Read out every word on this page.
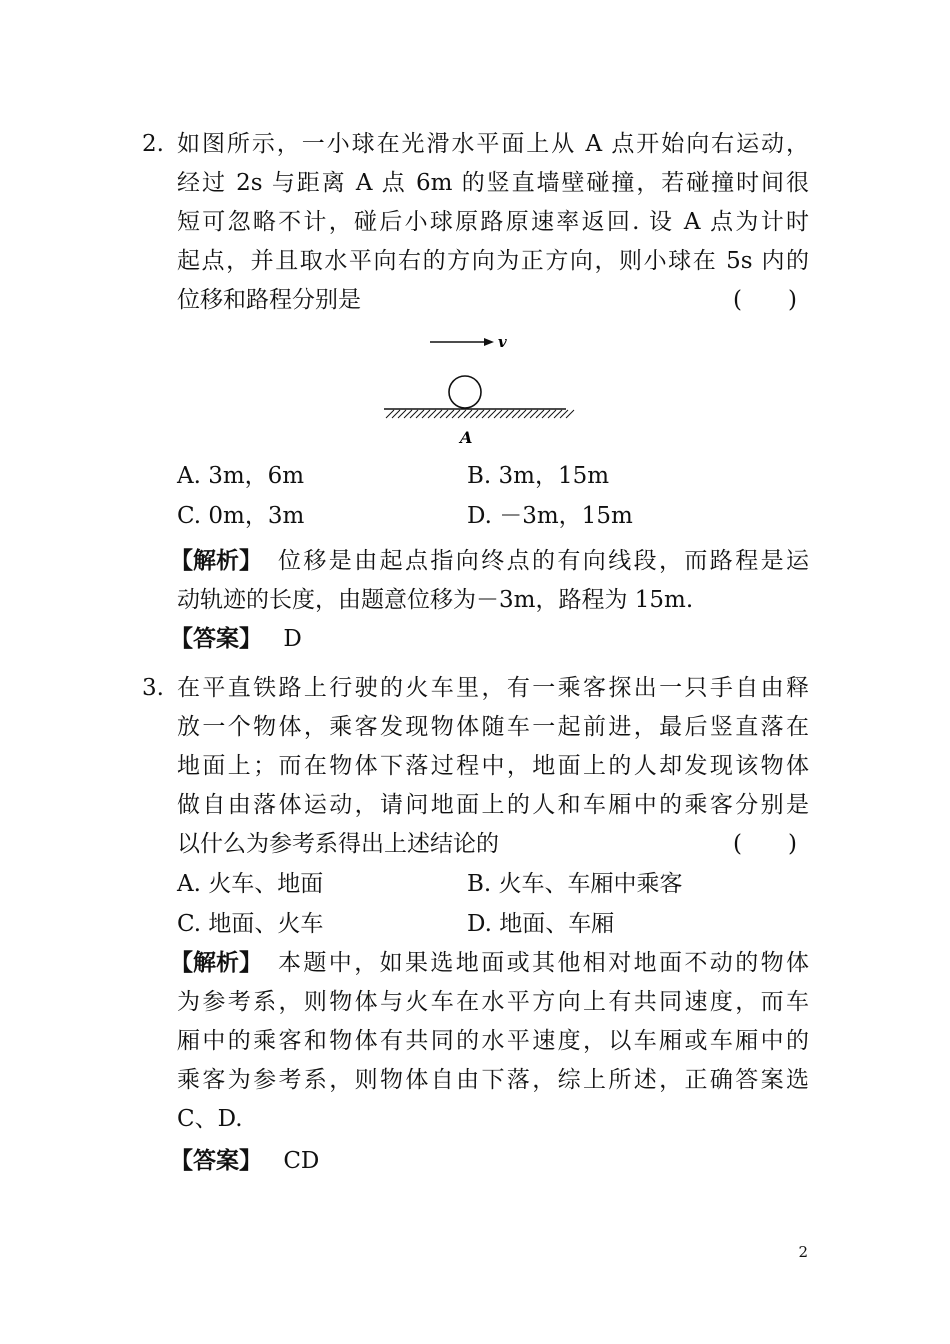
2. 如图所示，一小球在光滑水平面上从 A 点开始向右运动，
经过 2s 与距离 A 点 6m 的竖直墙壁碰撞，若碰撞时间很
短可忽略不计，碰后小球原路原速率返回. 设 A 点为计时
起点，并且取水平向右的方向为正方向，则小球在 5s 内的
位移和路程分别是	(　　)
v
A
A. 3m，6m	B. 3m，15m
C. 0m，3m	D. －3m，15m
【解析】 位移是由起点指向终点的有向线段，而路程是运
动轨迹的长度，由题意位移为－3m，路程为 15m.
【答案】 D
3. 在平直铁路上行驶的火车里，有一乘客探出一只手自由释
放一个物体，乘客发现物体随车一起前进，最后竖直落在
地面上；而在物体下落过程中，地面上的人却发现该物体
做自由落体运动，请问地面上的人和车厢中的乘客分别是
以什么为参考系得出上述结论的	(　　)
A. 火车、地面	B. 火车、车厢中乘客
C. 地面、火车	D. 地面、车厢
【解析】 本题中，如果选地面或其他相对地面不动的物体
为参考系，则物体与火车在水平方向上有共同速度，而车
厢中的乘客和物体有共同的水平速度，以车厢或车厢中的
乘客为参考系，则物体自由下落，综上所述，正确答案选
C、D.
【答案】 CD
2
